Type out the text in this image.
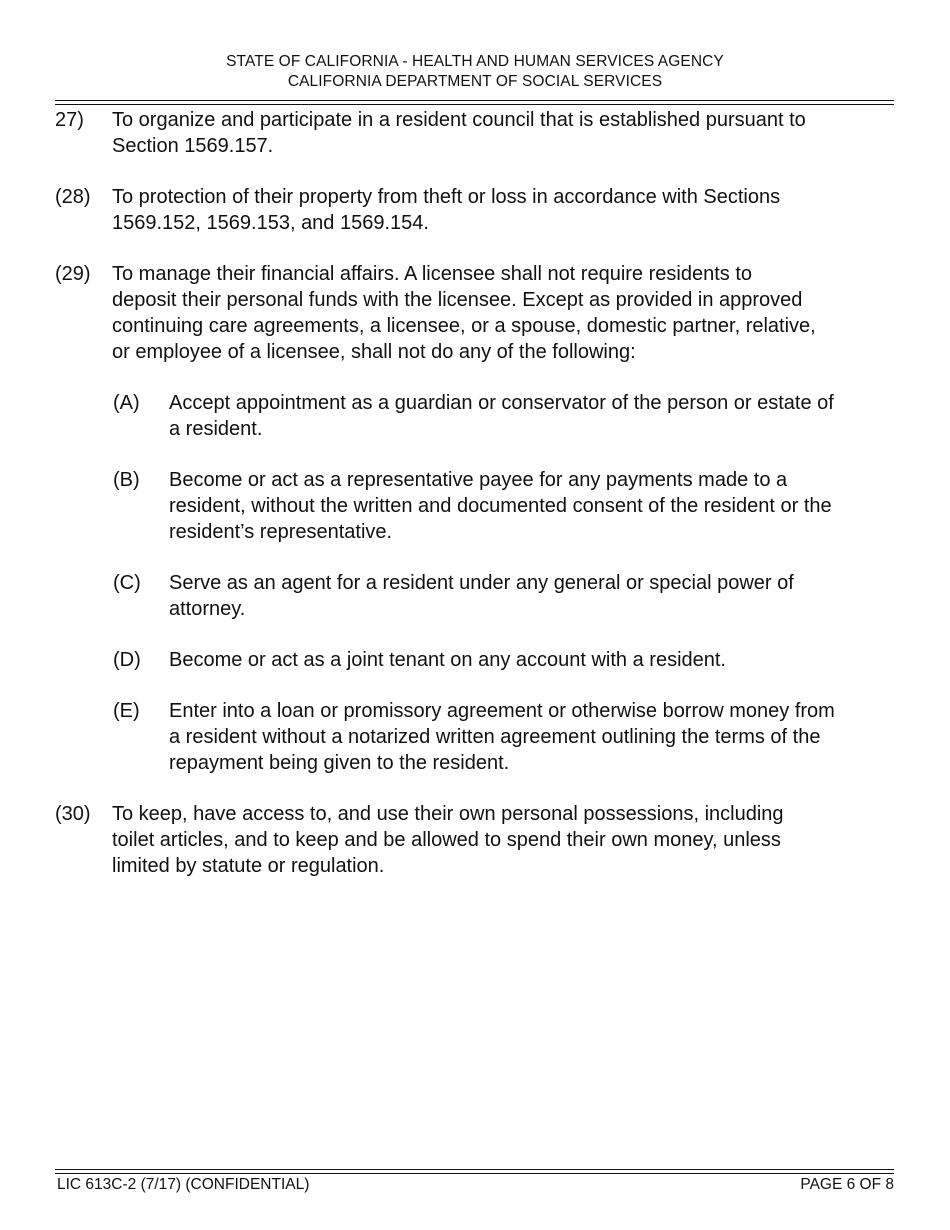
STATE OF CALIFORNIA - HEALTH AND HUMAN SERVICES AGENCY
CALIFORNIA DEPARTMENT OF SOCIAL SERVICES
27) To organize and participate in a resident council that is established pursuant to
Section 1569.157.
(28) To protection of their property from theft or loss in accordance with Sections
1569.152, 1569.153, and 1569.154.
(29) To manage their financial affairs. A licensee shall not require residents to
deposit their personal funds with the licensee. Except as provided in approved
continuing care agreements, a licensee, or a spouse, domestic partner, relative,
or employee of a licensee, shall not do any of the following:
(A) Accept appointment as a guardian or conservator of the person or estate of
a resident.
(B) Become or act as a representative payee for any payments made to a
resident, without the written and documented consent of the resident or the
resident’s representative.
(C) Serve as an agent for a resident under any general or special power of
attorney.
(D) Become or act as a joint tenant on any account with a resident.
(E) Enter into a loan or promissory agreement or otherwise borrow money from
a resident without a notarized written agreement outlining the terms of the
repayment being given to the resident.
(30) To keep, have access to, and use their own personal possessions, including
toilet articles, and to keep and be allowed to spend their own money, unless
limited by statute or regulation.
LIC 613C-2 (7/17) (CONFIDENTIAL)	PAGE 6 OF 8
